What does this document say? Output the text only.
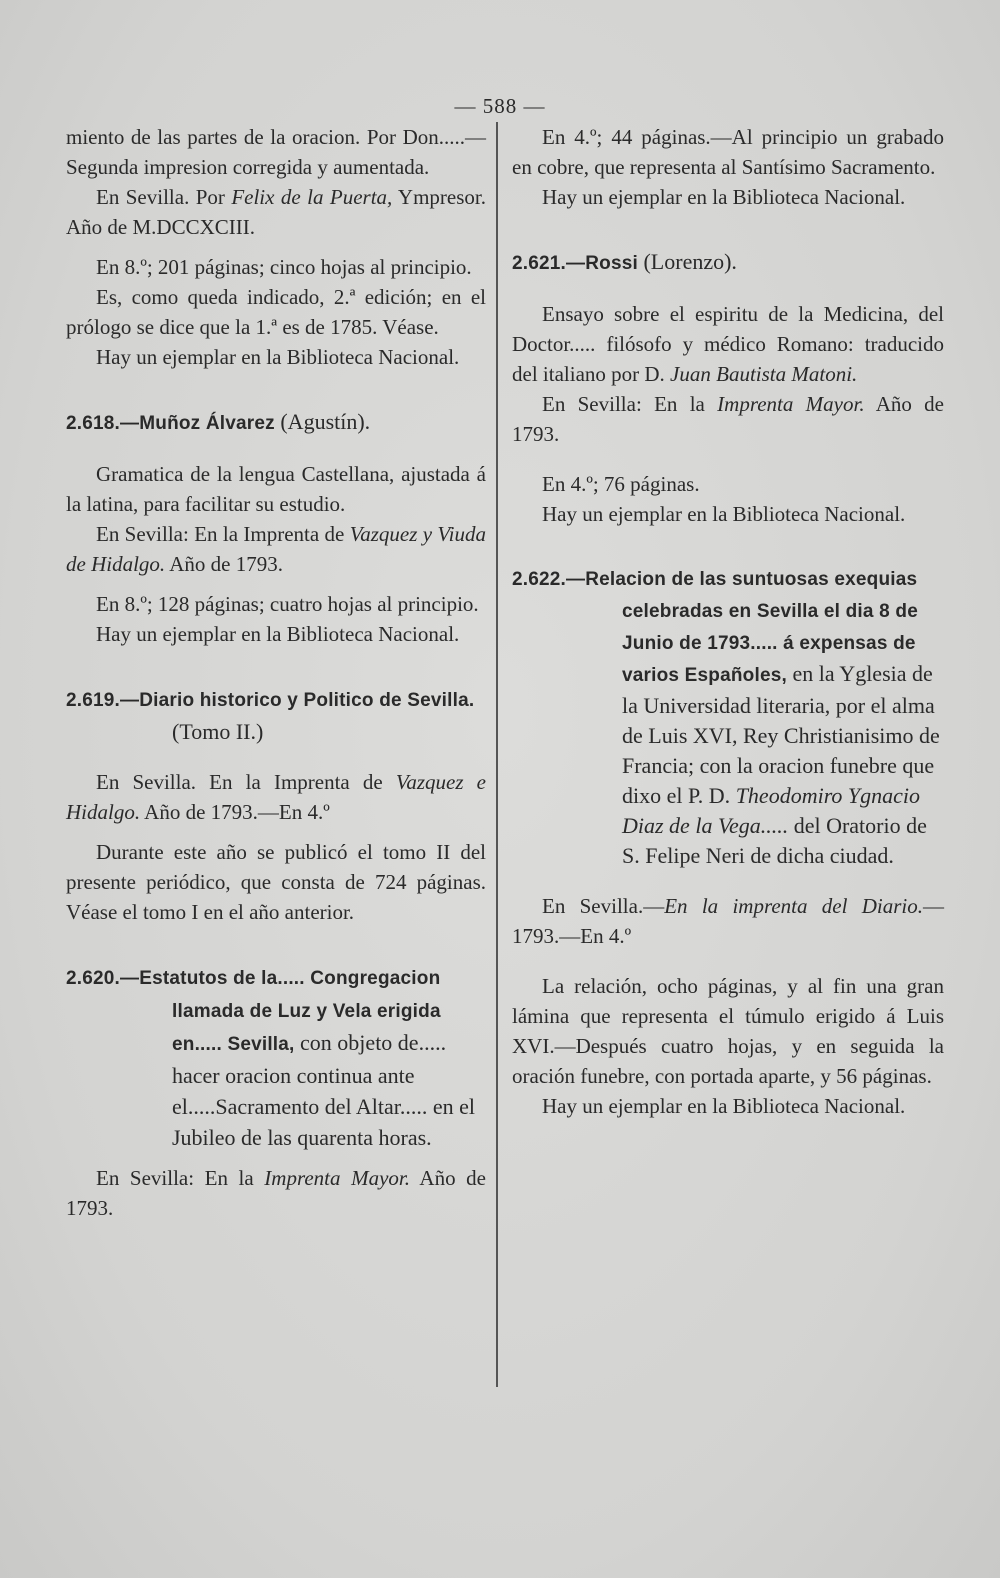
— 588 —

miento de las partes de la oracion. Por Don.....—Segunda impresion corregida y aumentada.

En Sevilla. Por Felix de la Puerta, Ympresor. Año de M.DCCXCIII.

En 8.º; 201 páginas; cinco hojas al principio.

Es, como queda indicado, 2.ª edición; en el prólogo se dice que la 1.ª es de 1785. Véase.

Hay un ejemplar en la Biblioteca Nacional.

2.618.—Muñoz Álvarez (Agustín).

Gramatica de la lengua Castellana, ajustada á la latina, para facilitar su estudio.

En Sevilla: En la Imprenta de Vazquez y Viuda de Hidalgo. Año de 1793.

En 8.º; 128 páginas; cuatro hojas al principio.

Hay un ejemplar en la Biblioteca Nacional.

2.619.—Diario historico y Politico de Sevilla. (Tomo II.)

En Sevilla. En la Imprenta de Vazquez e Hidalgo. Año de 1793.—En 4.º

Durante este año se publicó el tomo II del presente periódico, que consta de 724 páginas. Véase el tomo I en el año anterior.

2.620.—Estatutos de la..... Congregacion llamada de Luz y Vela erigida en..... Sevilla, con objeto de..... hacer oracion continua ante el.....Sacramento del Altar..... en el Jubileo de las quarenta horas.

En Sevilla: En la Imprenta Mayor. Año de 1793.

En 4.º; 44 páginas.—Al principio un grabado en cobre, que representa al Santísimo Sacramento.

Hay un ejemplar en la Biblioteca Nacional.

2.621.—Rossi (Lorenzo).

Ensayo sobre el espiritu de la Medicina, del Doctor..... filósofo y médico Romano: traducido del italiano por D. Juan Bautista Matoni.

En Sevilla: En la Imprenta Mayor. Año de 1793.

En 4.º; 76 páginas.

Hay un ejemplar en la Biblioteca Nacional.

2.622.—Relacion de las suntuosas exequias celebradas en Sevilla el dia 8 de Junio de 1793..... á expensas de varios Españoles, en la Yglesia de la Universidad literaria, por el alma de Luis XVI, Rey Christianisimo de Francia; con la oracion funebre que dixo el P. D. Theodomiro Ygnacio Diaz de la Vega..... del Oratorio de S. Felipe Neri de dicha ciudad.

En Sevilla.—En la imprenta del Diario.—1793.—En 4.º

La relación, ocho páginas, y al fin una gran lámina que representa el túmulo erigido á Luis XVI.—Después cuatro hojas, y en seguida la oración funebre, con portada aparte, y 56 páginas.

Hay un ejemplar en la Biblioteca Nacional.
